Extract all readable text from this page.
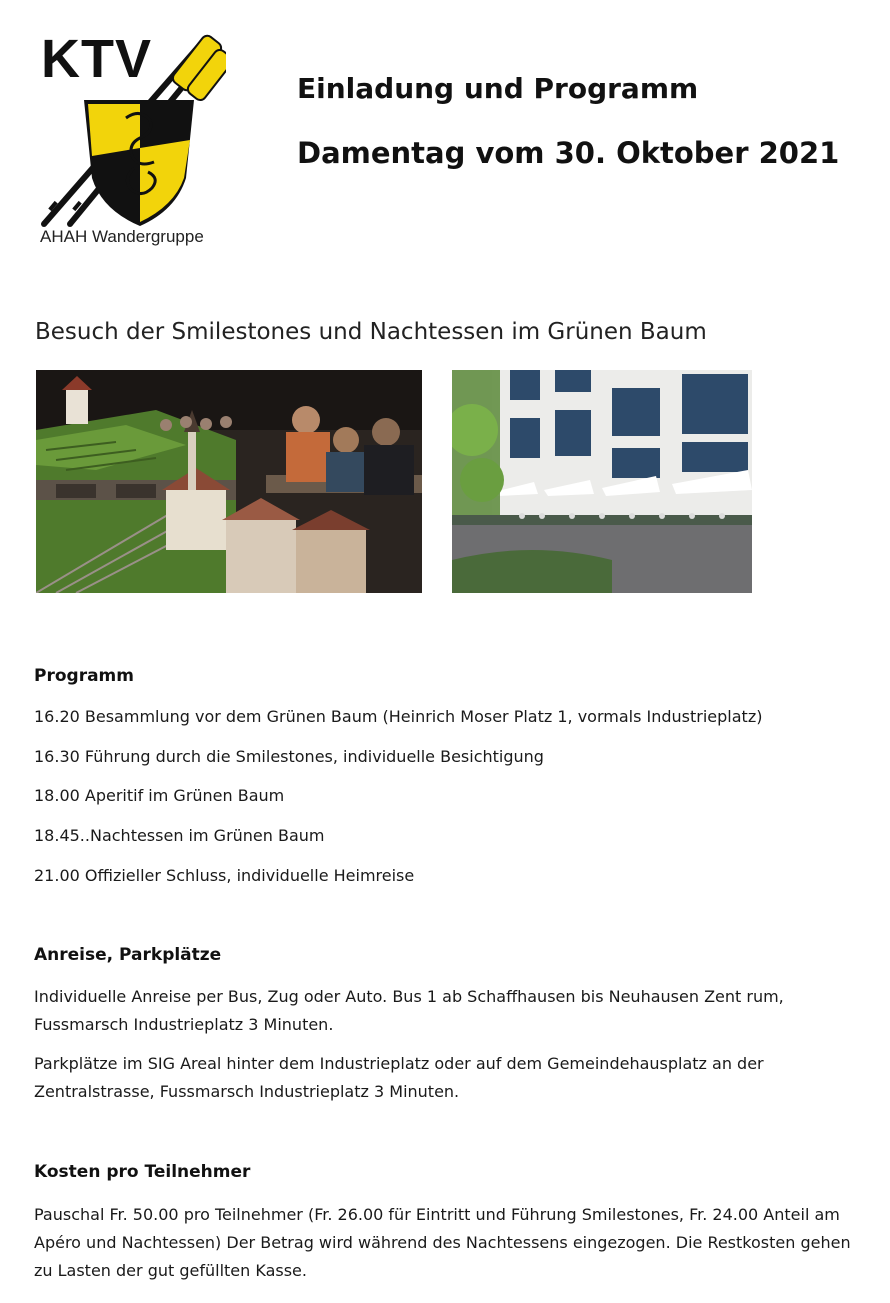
KTV
AHAH Wandergruppe
Einladung und Programm
Damentag vom 30. Oktober 2021
Besuch der Smilestones und Nachtessen im Grünen Baum
Programm
16.20 Besammlung vor dem Grünen Baum (Heinrich Moser Platz 1, vormals Industrieplatz)
16.30 Führung durch die Smilestones, individuelle Besichtigung
18.00 Aperitif im Grünen Baum
18.45..Nachtessen im Grünen Baum
21.00 Offizieller Schluss, individuelle Heimreise
Anreise, Parkplätze

Individuelle Anreise per Bus, Zug oder Auto. Bus 1 ab Schaffhausen bis Neuhausen Zent rum, Fussmarsch Industrieplatz 3 Minuten.

Parkplätze im SIG Areal hinter dem Industrieplatz oder auf dem Gemeindehausplatz an der Zentralstrasse, Fussmarsch Industrieplatz 3 Minuten.

Kosten pro Teilnehmer

Pauschal Fr. 50.00 pro Teilnehmer (Fr. 26.00 für Eintritt und Führung Smilestones, Fr. 24.00 Anteil am Apéro und Nachtessen) Der Betrag wird während des Nachtessens eingezogen. Die Restkosten gehen zu Lasten der gut gefüllten Kasse.
